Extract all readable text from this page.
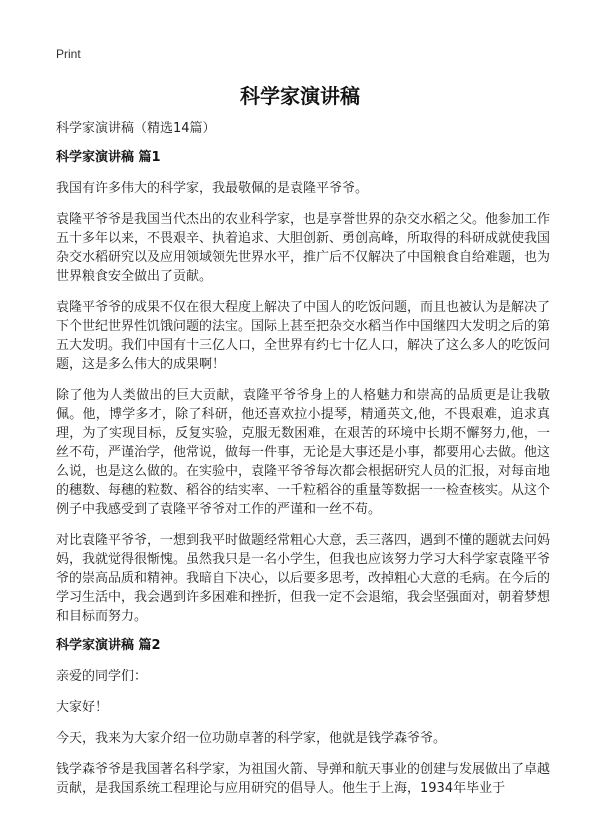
Print
科学家演讲稿
科学家演讲稿（精选14篇）
科学家演讲稿 篇1

我国有许多伟大的科学家，我最敬佩的是袁隆平爷爷。

袁隆平爷爷是我国当代杰出的农业科学家，也是享誉世界的杂交水稻之父。他参加工作五十多年以来，不畏艰辛、执着追求、大胆创新、勇创高峰，所取得的科研成就使我国杂交水稻研究以及应用领域领先世界水平，推广后不仅解决了中国粮食自给难题，也为世界粮食安全做出了贡献。

袁隆平爷爷的成果不仅在很大程度上解决了中国人的吃饭问题，而且也被认为是解决了下个世纪世界性饥饿问题的法宝。国际上甚至把杂交水稻当作中国继四大发明之后的第五大发明。我们中国有十三亿人口，全世界有约七十亿人口，解决了这么多人的吃饭问题，这是多么伟大的成果啊！

除了他为人类做出的巨大贡献，袁隆平爷爷身上的人格魅力和崇高的品质更是让我敬佩。他，博学多才，除了科研，他还喜欢拉小提琴，精通英文,他，不畏艰难，追求真理，为了实现目标，反复实验，克服无数困难，在艰苦的环境中长期不懈努力,他，一丝不苟，严谨治学，他常说，做每一件事，无论是大事还是小事，都要用心去做。他这么说，也是这么做的。在实验中，袁隆平爷爷每次都会根据研究人员的汇报，对每亩地的穗数、每穗的粒数、稻谷的结实率、一千粒稻谷的重量等数据一一检查核实。从这个例子中我感受到了袁隆平爷爷对工作的严谨和一丝不苟。

对比袁隆平爷爷，一想到我平时做题经常粗心大意，丢三落四，遇到不懂的题就去问妈妈，我就觉得很惭愧。虽然我只是一名小学生，但我也应该努力学习大科学家袁隆平爷爷的崇高品质和精神。我暗自下决心，以后要多思考，改掉粗心大意的毛病。在今后的学习生活中，我会遇到许多困难和挫折，但我一定不会退缩，我会坚强面对，朝着梦想和目标而努力。

科学家演讲稿 篇2

亲爱的同学们：

大家好！

今天，我来为大家介绍一位功勋卓著的科学家，他就是钱学森爷爷。

钱学森爷爷是我国著名科学家，为祖国火箭、导弹和航天事业的创建与发展做出了卓越贡献，是我国系统工程理论与应用研究的倡导人。他生于上海，1934年毕业于
